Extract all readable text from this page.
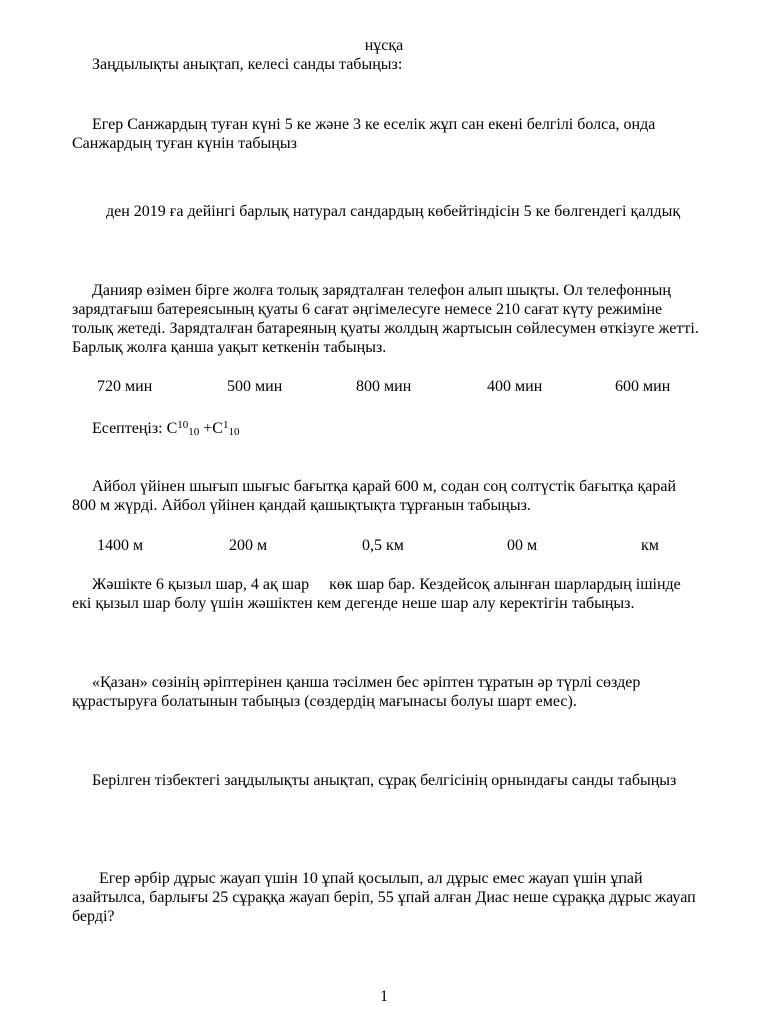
нұсқа
Заңдылықты анықтап, келесі санды табыңыз:
Егер Санжардың туған күні 5 ке және 3 ке еселік жұп сан екені белгілі болса, онда Санжардың туған күнін табыңыз
ден 2019 ға дейінгі барлық натурал сандардың көбейтіндісін 5 ке бөлгендегі қалдық
Данияр өзімен бірге жолға толық зарядталған телефон алып шықты. Ол телефонның зарядтағыш батереясының қуаты 6 сағат әңгімелесуге немесе 210 сағат күту режиміне толық жетеді. Зарядталған батареяның қуаты жолдың жартысын сөйлесумен өткізуге жетті. Барлық жолға қанша уақыт кеткенін табыңыз.
720 мин	500 мин	800 мин	400 мин	600 мин
Есептеңіз: $С^{10}_{10} +С^1_{10}$
Айбол үйінен шығып шығыс бағытқа қарай 600 м, содан соң солтүстік бағытқа қарай 800 м жүрді. Айбол үйінен қандай қашықтықта тұрғанын табыңыз.
1400 м	200 м	0,5 км	00 м	км
Жәшікте 6 қызыл шар, 4 ақ шар     көк шар бар. Кездейсоқ алынған шарлардың ішінде екі қызыл шар болу үшін жәшіктен кем дегенде неше шар алу керектігін табыңыз.
«Қазан» сөзінің әріптерінен қанша тәсілмен бес әріптен тұратын әр түрлі сөздер құрастыруға болатынын табыңыз (сөздердің мағынасы болуы шарт емес).
Берілген тізбектегі заңдылықты анықтап, сұрақ белгісінің орнындағы санды табыңыз
Егер әрбір дұрыс жауап үшін 10 ұпай қосылып, ал дұрыс емес жауап үшін ұпай азайтылса, барлығы 25 сұраққа жауап беріп, 55 ұпай алған Диас неше сұраққа дұрыс жауап берді?
1
